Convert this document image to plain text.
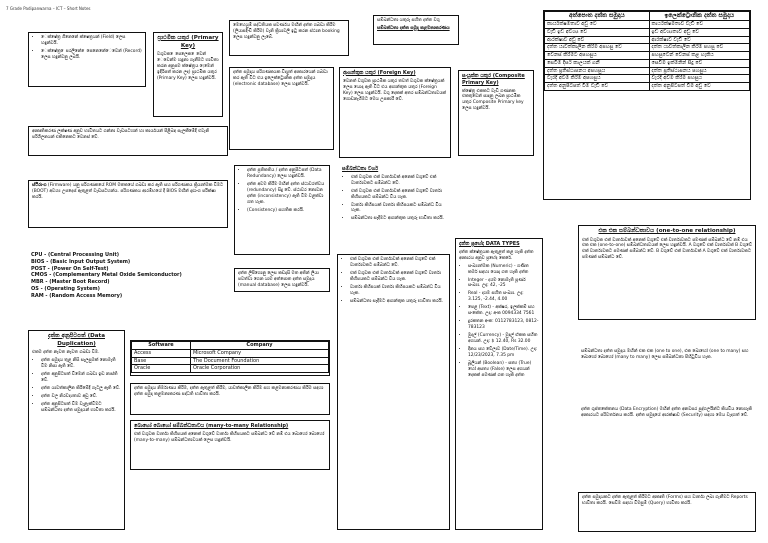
7 Grade Padipanwarna – ICT – Short Notes
• ෙක්ෂේත්‍ර ගිනෙනේ ක්ෂෙත්‍රයන් (Field) ලෙස හඳුන්වයි.
• ෙක්ෂේත්‍ර ෙපරලිනේ ෙපෙනෙනේෙවෙන් (Record) ලෙස හඳුන්වනු ලබයි.
ප්‍රාථමික යතුර (Primary Key)

වගුවක ෙපෙලෙක ෙවෙන් ෙවෙන්ම හඳුනා ගැනීමට භාවිතා කරන අනුපම ක්ෂේත්‍රය (ෙමෙන් ඉදිරිපත් කරන ලද) ප්‍රාථමික යතුර (Primary Key) ලෙස හඳුන්වයි.

මෙහෙයුම් පද්ධතියක පවර්ණය මඟින් දත්ත ගබඩා කිරීම (ලියාපදිංචි කිරීම) වැනි ක්‍රියාවලි ඉටු කරන ස්ථාන booking ලෙස හඳුන්වනු ලැබේ.

සම්බන්ධතා යතුරු සහිත දත්ත වගු

සම්බන්ධතා දත්ත සමුදා කළමනාකරණය

අත්පොත දත්ත සමුදාය	ඉලෙක්ට්‍රොනික දත්ත සමුදාය
කාර්යක්ෂමතාව අඩු වේ	කාර්යක්ෂමතාව වැඩි වේ
වැඩි ඉඩ අවශ්‍ය වේ	ඉඩ අවශ්‍යතාව අඩු වේ
ආරක්ෂාව අඩු වේ	ආරක්ෂාව වැඩි වේ
දත්ත යාවත්කාලීන කිරීම අපහසු වේ	දත්ත යාවත්කාලීන කිරීම පහසු වේ
වෙනස් කිරීමට අපහසුය	පහසුවෙන් වෙනස් කළ හැකිය
සෙවීම දීර්ඝ කාලයක් ගනී	සෙවීම ඉක්මනින් සිදු වේ
දත්ත ප්‍රතිස්ථාපනය අපහසුය	දත්ත ප්‍රතිස්ථාපනය පහසුය
වැරදි අවම කිරීම අපහසුය	වැරදි අවම කිරීම පහසුය
දත්ත අනුපිටපත් වීම වැඩි වේ	දත්ත අනුපිටපත් වීම අඩු වේ

දත්ත සමුදාය පරිගණකයක විද්‍යුත් ආකාරයෙන් ගබඩා කර ඇති විට එය ඉලෙක්ට්‍රොනික දත්ත සමුදාය (electronic database) ලෙස හඳුන්වයි.

ආගන්තුක යතුර (Foreign Key)

වෙනත් වගුවක ප්‍රාථමික යතුර තවත් වගුවක ක්ෂේත්‍රයක් ලෙස යොදා ඇති විට එය ආගන්තුක යතුර (Foreign Key) ලෙස හඳුන්වයි. වගු දෙකක් අතර සම්බන්ධතාවයක් ගොඩනැගීමට මෙය උපකාරී වේ.

සංයුක්ත යතුර (Composite Primary Key)

ක්ෂේත්‍ර එකකට වැඩි ගණනක එකතුවෙන් සාදනු ලබන ප්‍රාථමික යතුර Composite Primary key ලෙස හඳුන්වයි.

ආකෘතිකරණ ලක්ෂණ අනුව භාවිතයට ගන්නා වැඩසටහන් හා කාර්යයන් පිළිබඳ සැලකීමේදී එවැනි පරිශීලනයන් එකිනෙකට වෙනස් වේ.

• දත්ත ප්‍රතිකතිය / දත්ත අනුපිටපත් (Data Redundancy) ලෙස හඳුන්වයි.
• දත්ත අවම කිරීම මඟින් දත්ත ස්ථාවරත්වය (redundancy) සිදු වේ. ස්ථාවර නොවන දත්ත (inconsistency) ඇති වීම වළක්වා ගත හැක.
• (Consistency) සහතික කරයි.
සම්බන්ධතා වර්ග
• එක් වගුවක එක් වාර්තාවක් අනෙක් වගුවේ එක් වාර්තාවකට සම්බන්ධ වේ.
• එක් වගුවක එක් වාර්තාවක් අනෙක් වගුවේ වාර්තා කිහිපයකට සම්බන්ධ විය හැක.
• වාර්තා කිහිපයක් වාර්තා කිහිපයකට සම්බන්ධ විය හැක.
• සම්බන්ධතා සෑදීමට ආගන්තුක යතුරු භාවිතා කරයි.

ස්ථිරාංග (Firmware) යනු පරිගණකයේ ROM මතකයේ ගබඩා කර ඇති සහ පරිගණකය ක්‍රියාත්මක වීමට (BOOT) අවශ්‍ය උපදෙස් ඇතුළත් වැඩසටහන්ය. පරිගණකය ආරම්භයේ දී BIOS මඟින් දෘඪාංග පරීක්ෂා කරයි.

දත්ත ප්‍රභේද DATA TYPES

දත්ත ක්ෂේත්‍රයක ඇතුළත් කළ හැකි දත්ත ආකාරය අනුව ප්‍රභේද කෙරේ.

• සංඛ්‍යාත්මක (Numeric) - ගණිත කර්ම සඳහා යොදා ගත හැකි දත්ත
• Integer - දශම නොමැති පූර්ණ සංඛ්‍යා. උදා: 42, -25
• Real - දශම සහිත සංඛ්‍යා. උදා: 3.125, -2.44, 4.00
• පෙළ (Text) - අක්ෂර, ඉලක්කම් සහ සංකේත. උදා: අංක 0094334 7561
• දුරකතන අංක: 0112783123, 0812-783123
• මුදල් (Currency) - මුදල් ඒකක සහිත අගයන්. උදා: $ 12.40, Rs 32.00
• දිනය සහ වේලාව (Date/Time). උදා: 12/23/2023, 7.35 pm
• බූලියන් (Boolean) - සත්‍ය (True) හෝ අසත්‍ය (False) ලෙස අගයන් දෙකක් පමණක් ගත හැකි දත්ත
එක එක සම්බන්ධතාවය (one-to-one relationship)

එක් වගුවක එක් වාර්තාවක් අනෙක් වගුවේ එක් වාර්තාවකට පමණක් සම්බන්ධ වේ නම් එය එක එක (one-to-one) සම්බන්ධතාවයක් ලෙස හඳුන්වයි. A වගුවේ එක් වාර්තාවක් B වගුවේ එක් වාර්තාවකට පමණක් සම්බන්ධ වේ. B වගුවේ එක් වාර්තාවක් A වගුවේ එක් වාර්තාවකට පමණක් සම්බන්ධ වේ.

CPU - (Central Processing Unit)

BIOS - (Basic Input Output System)

POST - (Power On Self-Test)

CMOS - (Complementary Metal Oxide Semiconductor)

MBR - (Master Boot Record)

OS - (Operating System)

RAM - (Random Access Memory)

දත්ත ලිපිගොනු ලෙස කඩදාසි මත අතින් ලියා පවත්වා ගෙන යාම අත්පොත දත්ත සමුදාය (manual database) ලෙස හඳුන්වයි.

• එක් වගුවක එක් වාර්තාවක් අනෙක් වගුවේ එක් වාර්තාවකට සම්බන්ධ වේ.
• එක් වගුවක එක් වාර්තාවක් අනෙක් වගුවේ වාර්තා කිහිපයකට සම්බන්ධ විය හැක.
• වාර්තා කිහිපයක් වාර්තා කිහිපයකට සම්බන්ධ විය හැක.
• සම්බන්ධතා සෑදීමට ආගන්තුක යතුරු භාවිතා කරයි.
දත්ත අනුපිටපත් (Data Duplication)

එකම දත්ත නැවත නැවත ගබඩා වීම.

• දත්ත සමුදාය තුළ නිසි සැලසුමක් නොමැති වීම නිසා ඇති වේ.
• දත්ත අනුපිටපත් වීමෙන් ගබඩා ඉඩ නාස්ති වේ.
• දත්ත යාවත්කාලීන කිරීමේදී ගැටලු ඇති වේ.
• දත්ත වල නිරවද්‍යතාව අඩු වේ.
• දත්ත අනුපිටපත් වීම වැළැක්වීමට සම්බන්ධතා දත්ත සමුදායන් භාවිතා කරයි.
Software	Company
Access	Microsoft Company
Base	The Document Foundation
Oracle	Oracle Corporation

දත්ත සමුදාය නිර්මාණය කිරීම, දත්ත ඇතුළත් කිරීම, යාවත්කාලීන කිරීම සහ කළමනාකරණය කිරීම සඳහා දත්ත සමුදා කළමනාකරණ පද්ධති භාවිතා කරයි.

බොහෝ බොහෝ සම්බන්ධතාවය (many-to-many Relationship)

එක් වගුවක වාර්තා කිහිපයක් අනෙක් වගුවේ වාර්තා කිහිපයකට සම්බන්ධ වේ නම් එය බොහෝ බොහෝ (many-to-many) සම්බන්ධතාවයක් ලෙස හඳුන්වයි.

සම්බන්ධතා දත්ත සමුදාය මඟින් එක එක (one to one), එක බොහෝ (one to many) සහ බොහෝ බොහෝ (many to many) ලෙස සම්බන්ධතා පිහිටුවිය හැක.

දත්ත ගුප්තකේතනය (Data Encryption) මඟින් දත්ත අනවසර පුද්ගලයින්ට කියවිය නොහැකි ආකාරයට පරිවර්තනය කරයි. දත්ත සමුදායේ ආරක්ෂාව (Security) සඳහා මෙය වැදගත් වේ.

දත්ත සමුදායකට දත්ත ඇතුළත් කිරීමට ආකෘති (Forms) සහ වාර්තා ලබා ගැනීමට Reports භාවිතා කරයි. සෙවීම සඳහා විමසුම් (Query) භාවිතා කරයි.
